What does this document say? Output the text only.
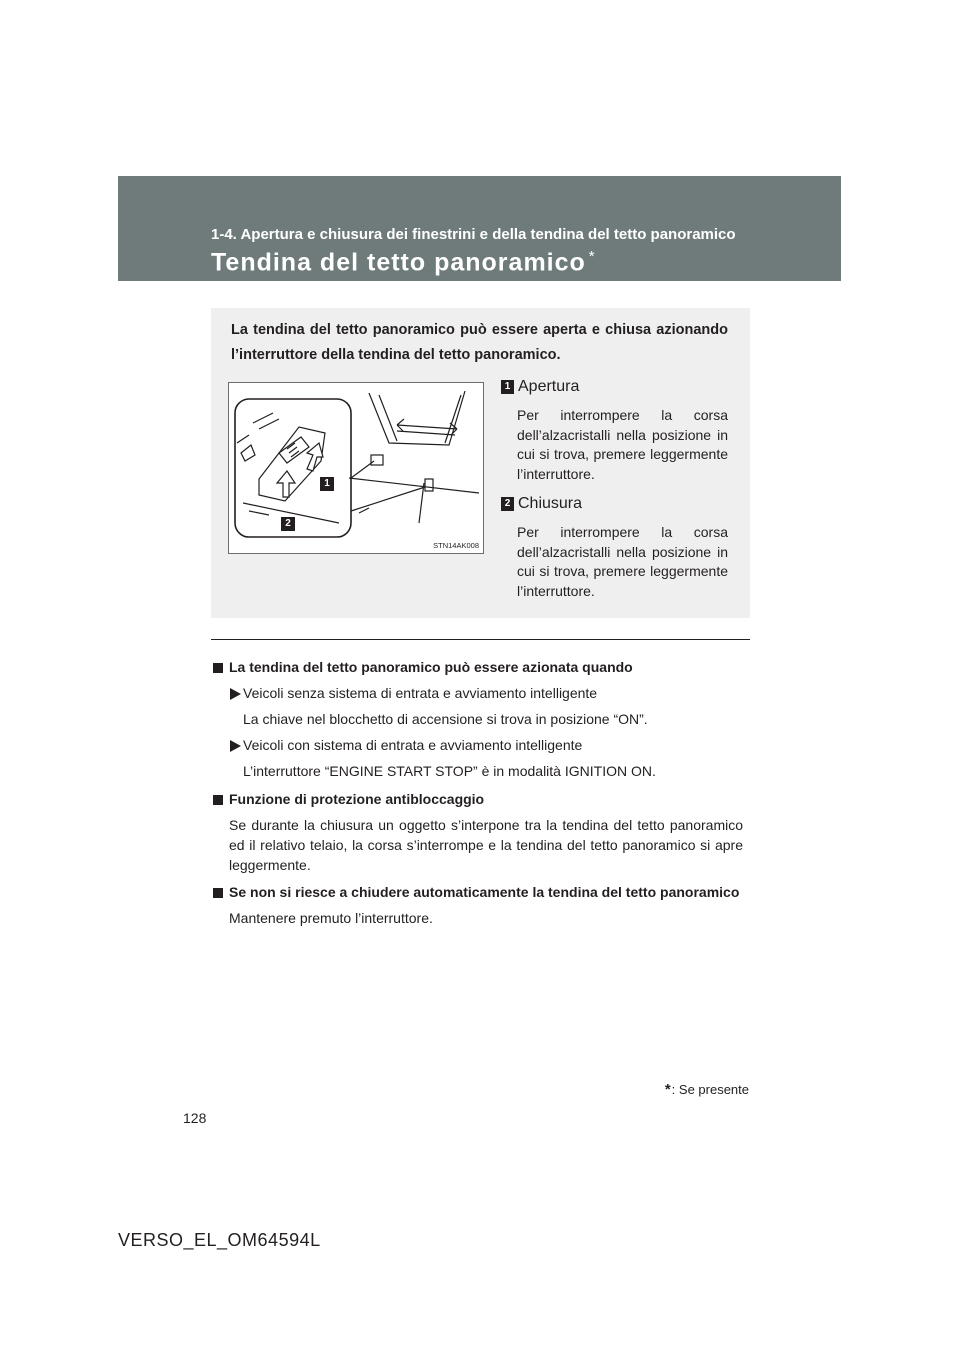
1-4. Apertura e chiusura dei finestrini e della tendina del tetto panoramico
Tendina del tetto panoramico *

La tendina del tetto panoramico può essere aperta e chiusa azionando l’interruttore della tendina del tetto panoramico.

1
2
STN14AK008
1 Apertura
Per interrompere la corsa dell’alzacristalli nella posizione in cui si trova, premere leggermente l’interruttore.
2 Chiusura
Per interrompere la corsa dell’alzacristalli nella posizione in cui si trova, premere leggermente l’interruttore.
La tendina del tetto panoramico può essere azionata quando
Veicoli senza sistema di entrata e avviamento intelligente
La chiave nel blocchetto di accensione si trova in posizione “ON”.
Veicoli con sistema di entrata e avviamento intelligente
L’interruttore “ENGINE START STOP” è in modalità IGNITION ON.
Funzione di protezione antibloccaggio
Se durante la chiusura un oggetto s’interpone tra la tendina del tetto panoramico ed il relativo telaio, la corsa s’interrompe e la tendina del tetto panoramico si apre leggermente.
Se non si riesce a chiudere automaticamente la tendina del tetto panoramico
Mantenere premuto l’interruttore.
*: Se presente
128
VERSO_EL_OM64594L
